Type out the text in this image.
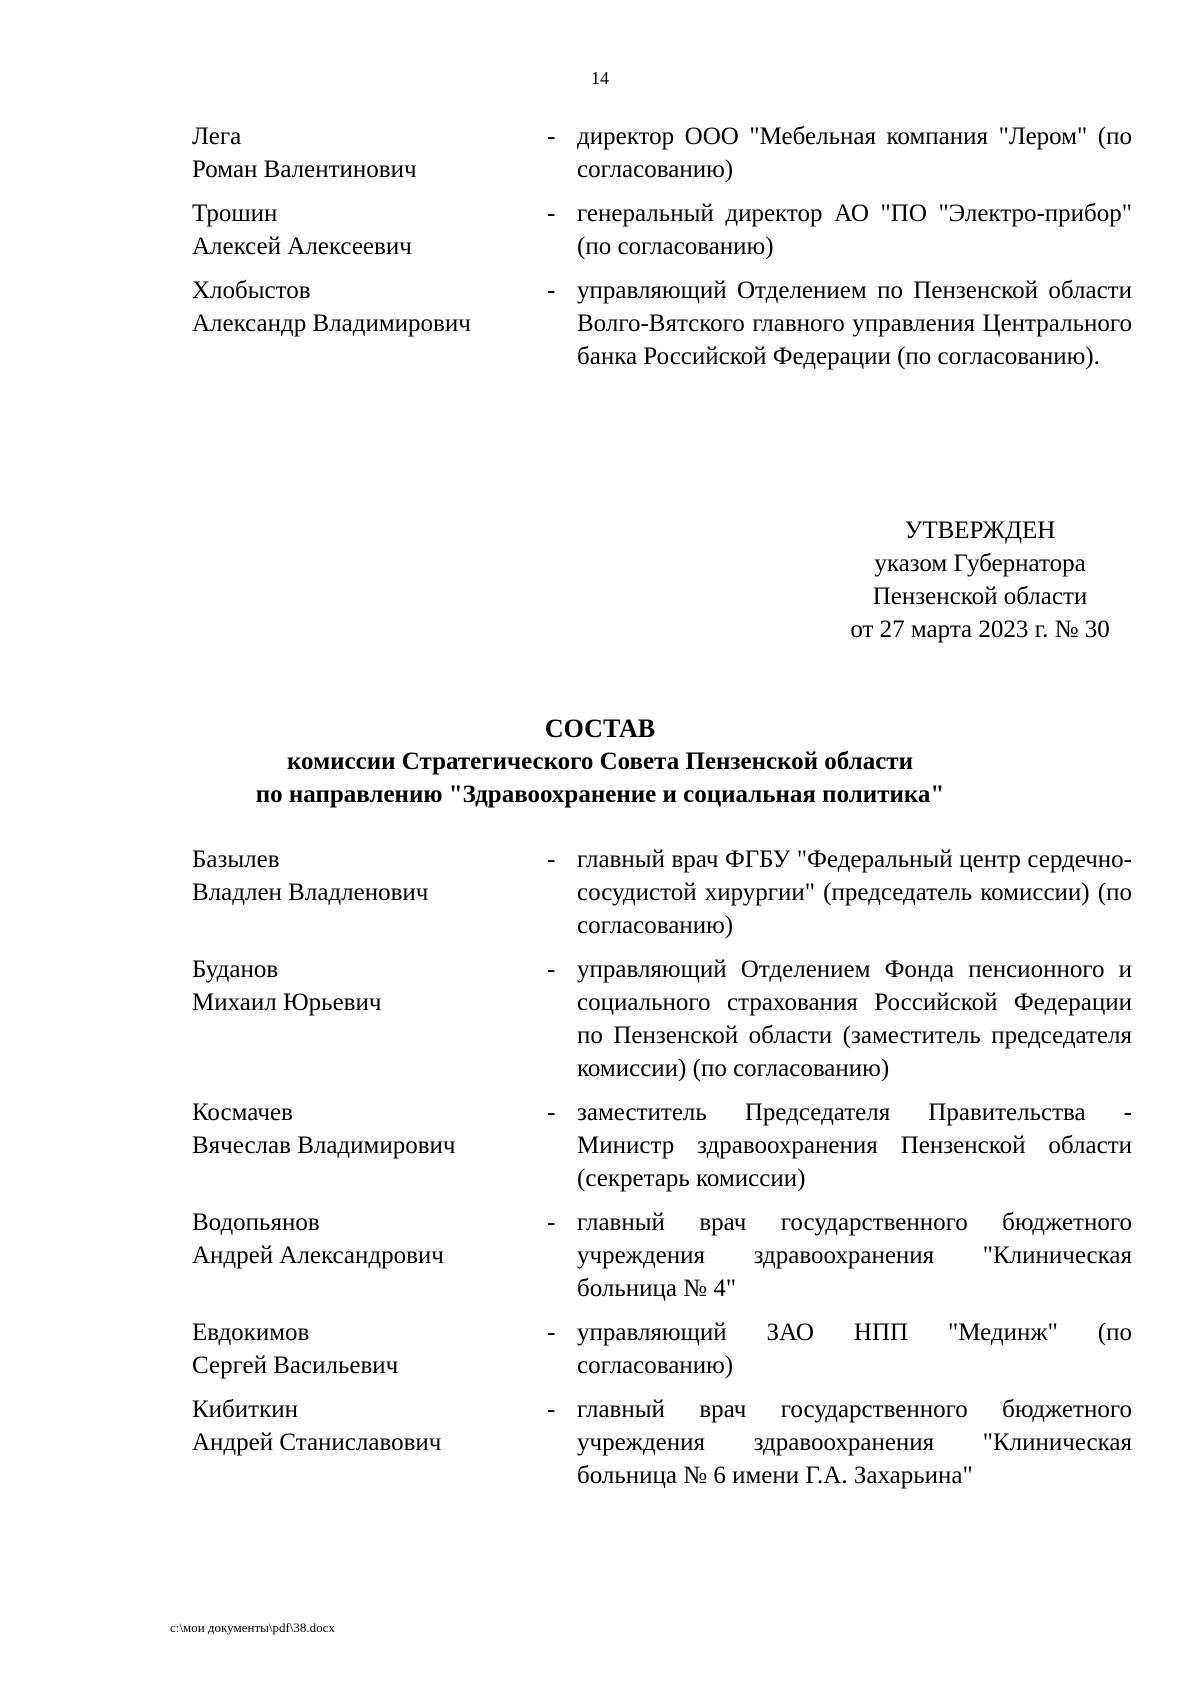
14
Лега
Роман Валентинович
- директор ООО "Мебельная компания "Лером" (по согласованию)
Трошин
Алексей Алексеевич
- генеральный директор АО "ПО "Электро-прибор" (по согласованию)
Хлобыстов
Александр Владимирович
- управляющий Отделением по Пензенской области Волго-Вятского главного управления Центрального банка Российской Федерации (по согласованию).
УТВЕРЖДЕН
указом Губернатора
Пензенской области
от 27 марта 2023 г. № 30
СОСТАВ
комиссии Стратегического Совета Пензенской области
по направлению "Здравоохранение и социальная политика"
Базылев
Владлен Владленович
- главный врач ФГБУ "Федеральный центр сердечно-сосудистой хирургии" (председатель комиссии) (по согласованию)
Буданов
Михаил Юрьевич
- управляющий Отделением Фонда пенсионного и социального страхования Российской Федерации по Пензенской области (заместитель председателя комиссии) (по согласованию)
Космачев
Вячеслав Владимирович
- заместитель Председателя Правительства - Министр здравоохранения Пензенской области (секретарь комиссии)
Водопьянов
Андрей Александрович
- главный врач государственного бюджетного учреждения здравоохранения "Клиническая больница № 4"
Евдокимов
Сергей Васильевич
- управляющий ЗАО НПП "Мединж" (по согласованию)
Кибиткин
Андрей Станиславович
- главный врач государственного бюджетного учреждения здравоохранения "Клиническая больница № 6 имени Г.А. Захарьина"
c:\мои документы\pdf\38.docx
